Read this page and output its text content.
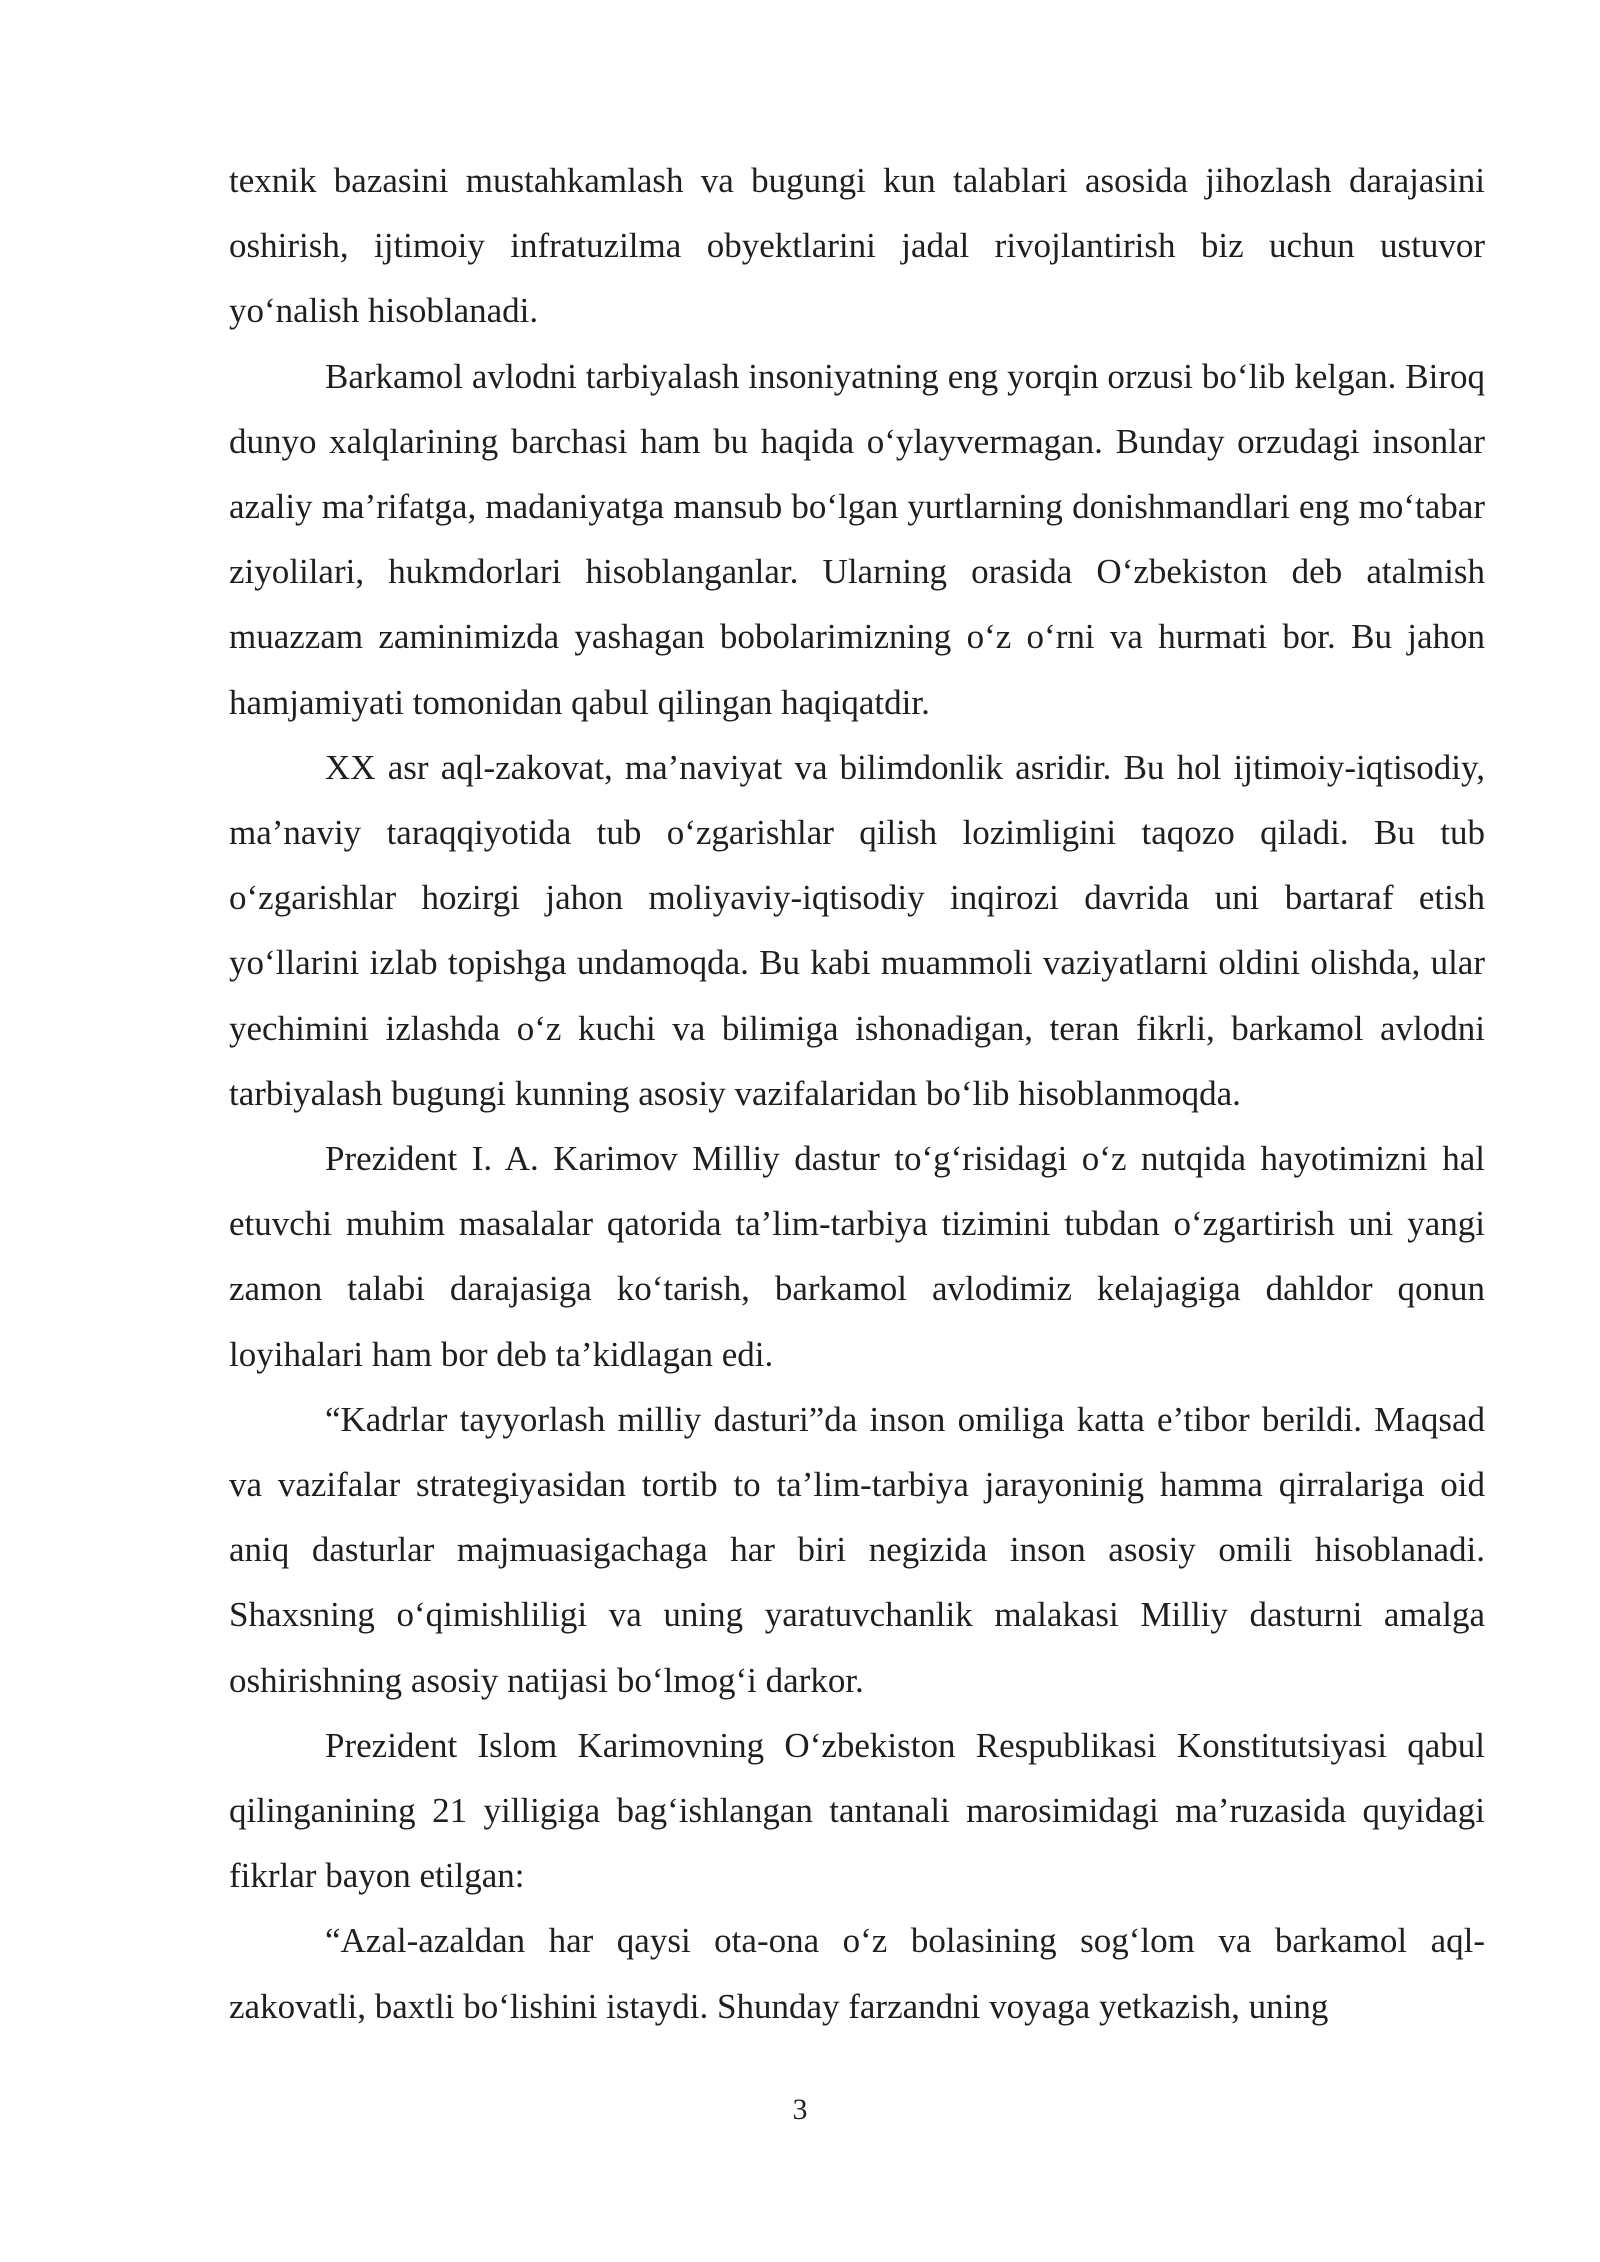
texnik bazasini mustahkamlash va bugungi kun talablari asosida jihozlash darajasini oshirish, ijtimoiy infratuzilma obyektlarini jadal rivojlantirish biz uchun ustuvor yo‘nalish hisoblanadi.

Barkamol avlodni tarbiyalash insoniyatning eng yorqin orzusi bo‘lib kelgan. Biroq dunyo xalqlarining barchasi ham bu haqida o‘ylayvermagan. Bunday orzudagi insonlar azaliy ma’rifatga, madaniyatga mansub bo‘lgan yurtlarning donishmandlari eng mo‘tabar ziyolilari, hukmdorlari hisoblanganlar. Ularning orasida O‘zbekiston deb atalmish muazzam zaminimizda yashagan bobolarimizning o‘z o‘rni va hurmati bor. Bu jahon hamjamiyati tomonidan qabul qilingan haqiqatdir.

XX asr aql-zakovat, ma’naviyat va bilimdonlik asridir. Bu hol ijtimoiy-iqtisodiy, ma’naviy taraqqiyotida tub o‘zgarishlar qilish lozimligini taqozo qiladi. Bu tub o‘zgarishlar hozirgi jahon moliyaviy-iqtisodiy inqirozi davrida uni bartaraf etish yo‘llarini izlab topishga undamoqda. Bu kabi muammoli vaziyatlarni oldini olishda, ular yechimini izlashda o‘z kuchi va bilimiga ishonadigan, teran fikrli, barkamol avlodni tarbiyalash bugungi kunning asosiy vazifalaridan bo‘lib hisoblanmoqda.

Prezident I. A. Karimov Milliy dastur to‘g‘risidagi o‘z nutqida hayotimizni hal etuvchi muhim masalalar qatorida ta’lim-tarbiya tizimini tubdan o‘zgartirish uni yangi zamon talabi darajasiga ko‘tarish, barkamol avlodimiz kelajagiga dahldor qonun loyihalari ham bor deb ta’kidlagan edi.

“Kadrlar tayyorlash milliy dasturi”da inson omiliga katta e’tibor berildi. Maqsad va vazifalar strategiyasidan tortib to ta’lim-tarbiya jarayoninig hamma qirralariga oid aniq dasturlar majmuasigachaga har biri negizida inson asosiy omili hisoblanadi. Shaxsning o‘qimishliligi va uning yaratuvchanlik malakasi Milliy dasturni amalga oshirishning asosiy natijasi bo‘lmog‘i darkor.

Prezident Islom Karimovning O‘zbekiston Respublikasi Konstitutsiyasi qabul qilinganining 21 yilligiga bag‘ishlangan tantanali marosimidagi ma’ruzasida quyidagi fikrlar bayon etilgan:

“Azal-azaldan har qaysi ota-ona o‘z bolasining sog‘lom va barkamol aql-zakovatli, baxtli bo‘lishini istaydi. Shunday farzandni voyaga yetkazish, uning

3
